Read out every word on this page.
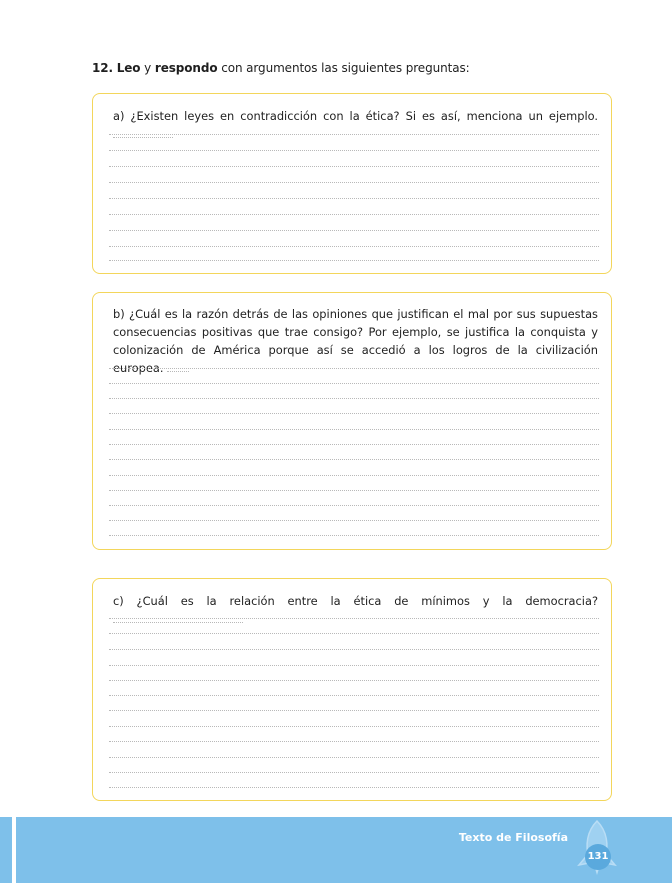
12. Leo y respondo con argumentos las siguientes preguntas:
a) ¿Existen leyes en contradicción con la ética? Si es así, menciona un ejemplo.
b) ¿Cuál es la razón detrás de las opiniones que justifican el mal por sus supuestas consecuencias positivas que trae consigo? Por ejemplo, se justifica la conquista y colonización de América porque así se accedió a los logros de la civilización europea.
c) ¿Cuál es la relación entre la ética de mínimos y la democracia?
Texto de Filosofía
131
